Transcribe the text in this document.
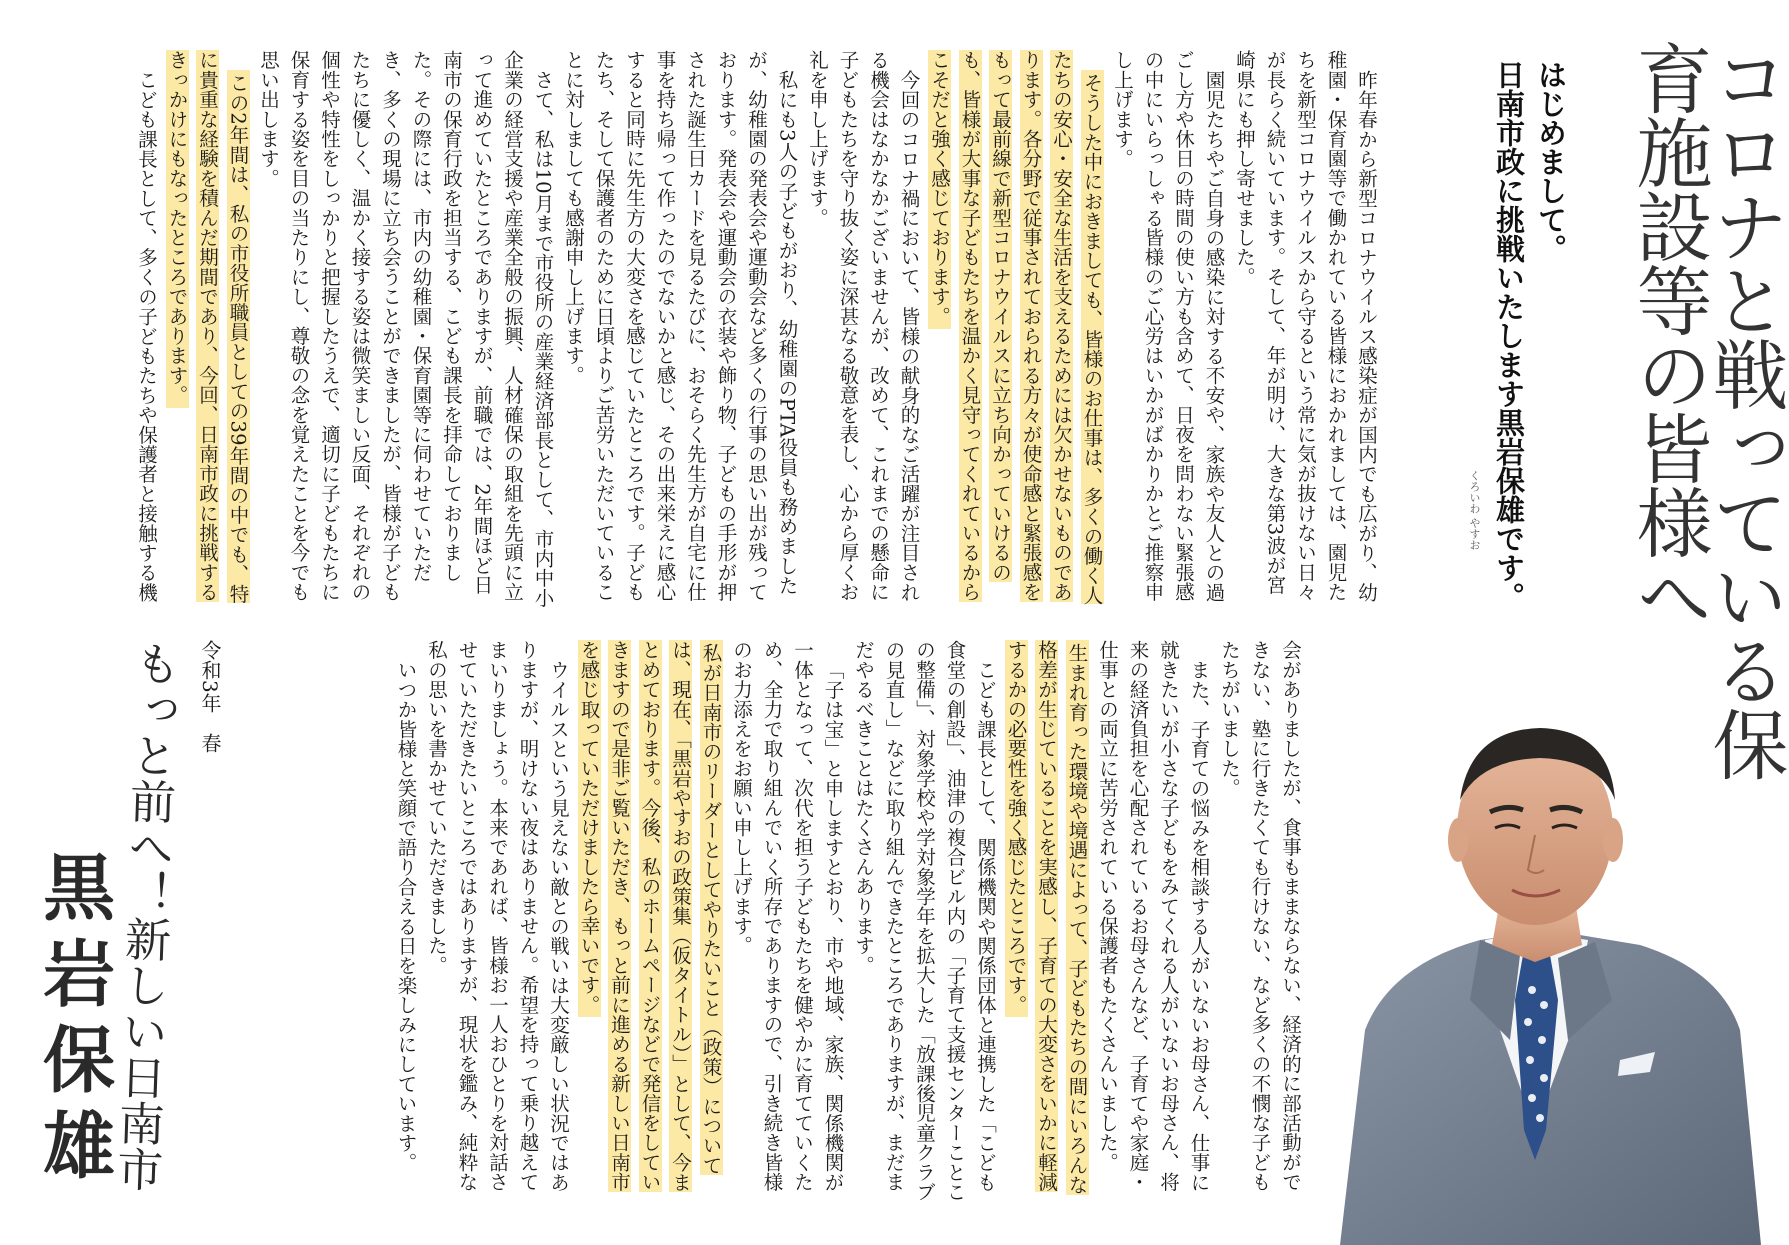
コロナと戦っている保育施設等の皆様へ
はじめまして。
日南市政に挑戦いたします黒岩保雄です。
くろいわ やすお

昨年春から新型コロナウイルス感染症が国内でも広がり、幼稚園・保育園等で働かれている皆様におかれましては、園児たちを新型コロナウイルスから守るという常に気が抜けない日々が長らく続いています。そして、年が明け、大きな第3波が宮崎県にも押し寄せました。

園児たちやご自身の感染に対する不安や、家族や友人との過ごし方や休日の時間の使い方も含めて、日夜を問わない緊張感の中にいらっしゃる皆様のご心労はいかがばかりかとご推察申し上げます。

そうした中におきましても、皆様のお仕事は、多くの働く人たちの安心・安全な生活を支えるためには欠かせないものであります。各分野で従事されておられる方々が使命感と緊張感をもって最前線で新型コロナウイルスに立ち向かっていけるのも、皆様が大事な子どもたちを温かく見守ってくれているからこそだと強く感じております。

今回のコロナ禍において、皆様の献身的なご活躍が注目される機会はなかなかございませんが、改めて、これまでの懸命に子どもたちを守り抜く姿に深甚なる敬意を表し、心から厚くお礼を申し上げます。

私にも3人の子どもがおり、幼稚園のPTA役員も務めましたが、幼稚園の発表会や運動会など多くの行事の思い出が残っております。発表会や運動会の衣装や飾り物、子どもの手形が押された誕生日カードを見るたびに、おそらく先生方が自宅に仕事を持ち帰って作ったのでないかと感じ、その出来栄えに感心すると同時に先生方の大変さを感じていたところです。子どもたち、そして保護者のために日頃よりご苦労いただいていることに対しましても感謝申し上げます。

さて、私は10月まで市役所の産業経済部長として、市内中小企業の経営支援や産業全般の振興、人材確保の取組を先頭に立って進めていたところでありますが、前職では、2年間ほど日南市の保育行政を担当する、こども課長を拝命しておりました。その際には、市内の幼稚園・保育園等に伺わせていただき、多くの現場に立ち会うことができましたが、皆様が子どもたちに優しく、温かく接する姿は微笑ましい反面、それぞれの個性や特性をしっかりと把握したうえで、適切に子どもたちに保育する姿を目の当たりにし、尊敬の念を覚えたことを今でも思い出します。

この2年間は、私の市役所職員としての39年間の中でも、特に貴重な経験を積んだ期間であり、今回、日南市政に挑戦するきっかけにもなったところであります。

こども課長として、多くの子どもたちや保護者と接触する機

会がありましたが、食事もままならない、経済的に部活動ができない、塾に行きたくても行けない、など多くの不憫な子どもたちがいました。

また、子育ての悩みを相談する人がいないお母さん、仕事に就きたいが小さな子どもをみてくれる人がいないお母さん、将来の経済負担を心配されているお母さんなど、子育てや家庭・仕事との両立に苦労されている保護者もたくさんいました。

生まれ育った環境や境遇によって、子どもたちの間にいろんな格差が生じていることを実感し、子育ての大変さをいかに軽減するかの必要性を強く感じたところです。

こども課長として、関係機関や関係団体と連携した「こども食堂の創設」、油津の複合ビル内の「子育て支援センターことこの整備」、対象学校や学対象学年を拡大した「放課後児童クラブの見直し」などに取り組んできたところでありますが、まだまだやるべきことはたくさんあります。

「子は宝」と申しますとおり、市や地域、家族、関係機関が一体となって、次代を担う子どもたちを健やかに育てていくため、全力で取り組んでいく所存でありますので、引き続き皆様のお力添えをお願い申し上げます。

私が日南市のリーダーとしてやりたいこと（政策）については、現在、「黒岩やすおの政策集（仮タイトル）」として、今まとめております。今後、私のホームページなどで発信をしていきますので是非ご覧いただき、もっと前に進める新しい日南市を感じ取っていただけましたら幸いです。

ウイルスという見えない敵との戦いは大変厳しい状況ではありますが、明けない夜はありません。希望を持って乗り越えてまいりましょう。本来であれば、皆様お一人おひとりを対話させていただきたいところではありますが、現状を鑑み、純粋な私の思いを書かせていただきました。

いつか皆様と笑顔で語り合える日を楽しみにしています。

令和3年　春
もっと前へ！新しい日南市
黒岩保雄
